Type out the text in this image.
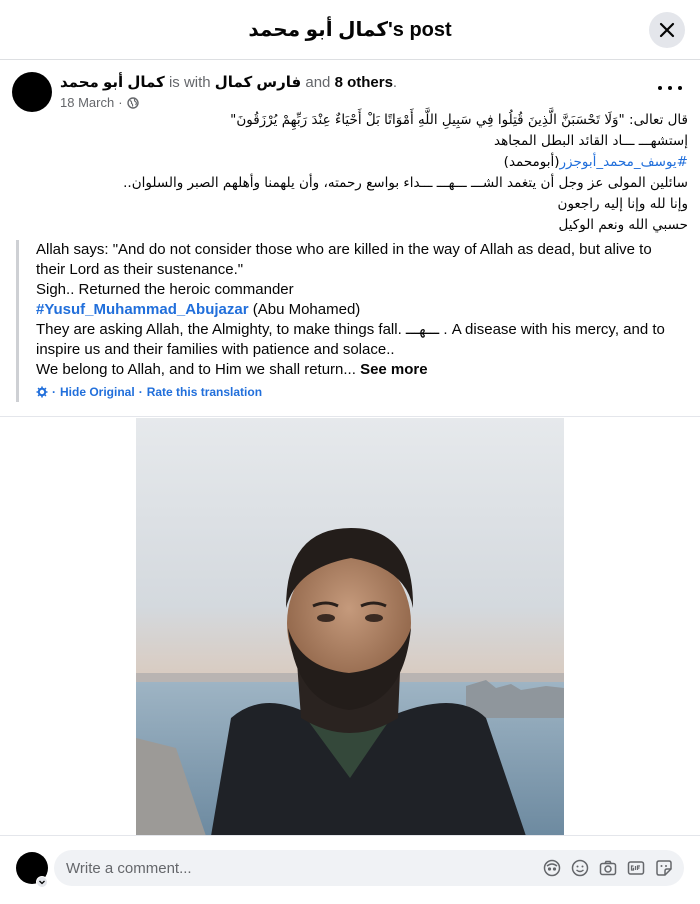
كمال أبو محمد's post
كمال أبو محمد is with فارس كمال and 8 others.
18 March ·
قال تعالى: "وَلَا تَحْسَبَنَّ الَّذِينَ قُتِلُوا فِي سَبِيلِ اللَّهِ أَمْوَاتًا بَلْ أَحْيَاءٌ عِنْدَ رَبِّهِمْ يُرْزَقُونَ"
إستشهـــ ـــاد القائد البطل المجاهد
#يوسف_محمد_أبوجزر(أبومحمد)
سائلين المولى عز وجل أن يتغمد الشـــ ـــهـــ ـــداء بواسع رحمته، وأن يلهمنا وأهلهم الصبر والسلوان..
وإنا لله وإنا إليه راجعون
حسبي الله ونعم الوكيل
Allah says: "And do not consider those who are killed in the way of Allah as dead, but alive to their Lord as their sustenance."
Sigh.. Returned the heroic commander
#Yusuf_Muhammad_Abujazar (Abu Mohamed)
They are asking Allah, the Almighty, to make things fall. ـــهـــ . A disease with his mercy, and to inspire us and their families with patience and solace..
We belong to Allah, and to Him we shall return... See more
· Hide Original · Rate this translation
Write a comment...
